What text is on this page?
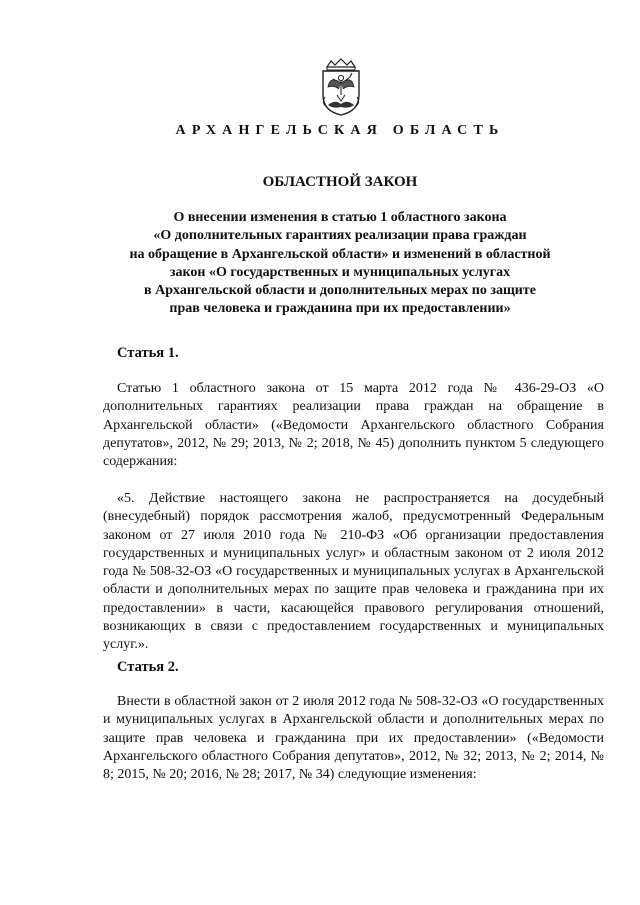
АРХАНГЕЛЬСКАЯ ОБЛАСТЬ
ОБЛАСТНОЙ ЗАКОН
О внесении изменения в статью 1 областного закона
«О дополнительных гарантиях реализации права граждан
на обращение в Архангельской области» и изменений в областной
закон «О государственных и муниципальных услугах
в Архангельской области и дополнительных мерах по защите
прав человека и гражданина при их предоставлении»
Статья 1.
Статью 1 областного закона от 15 марта 2012 года № 436-29-ОЗ «О дополнительных гарантиях реализации права граждан на обращение в Архангельской области» («Ведомости Архангельского областного Собрания депутатов», 2012, № 29; 2013, № 2; 2018, № 45) дополнить пунктом 5 следующего содержания:
«5. Действие настоящего закона не распространяется на досудебный (внесудебный) порядок рассмотрения жалоб, предусмотренный Федеральным законом от 27 июля 2010 года № 210-ФЗ «Об организации предоставления государственных и муниципальных услуг» и областным законом от 2 июля 2012 года № 508-32-ОЗ «О государственных и муниципальных услугах в Архангельской области и дополнительных мерах по защите прав человека и гражданина при их предоставлении» в части, касающейся правового регулирования отношений, возникающих в связи с предоставлением государственных и муниципальных услуг.».
Статья 2.
Внести в областной закон от 2 июля 2012 года № 508-32-ОЗ «О государственных и муниципальных услугах в Архангельской области и дополнительных мерах по защите прав человека и гражданина при их предоставлении» («Ведомости Архангельского областного Собрания депутатов», 2012, № 32; 2013, № 2; 2014, № 8; 2015, № 20; 2016, № 28; 2017, № 34) следующие изменения:
